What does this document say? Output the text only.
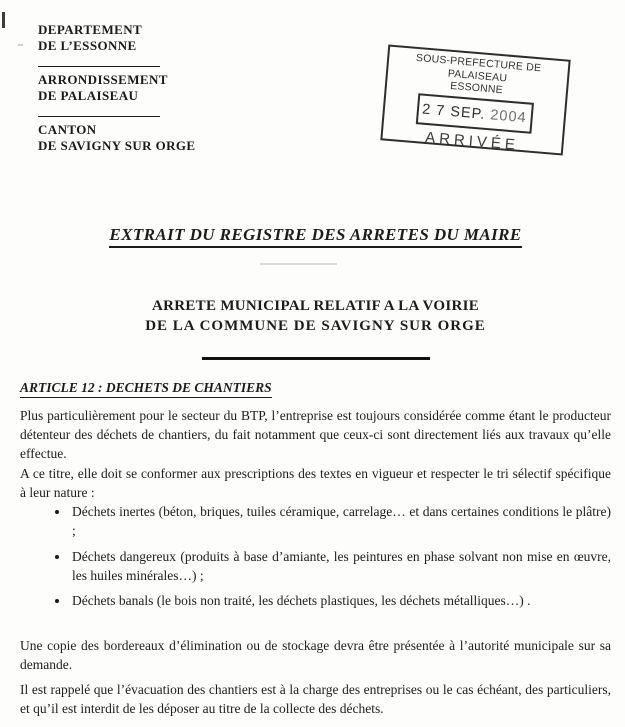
DEPARTEMENT
DE L’ESSONNE
ARRONDISSEMENT
DE PALAISEAU
CANTON
DE SAVIGNY SUR ORGE
SOUS-PREFECTURE DE PALAISEAU
ESSONNE
2 7 SEP. 2004
ARRIVÉE
EXTRAIT DU REGISTRE DES ARRETES DU MAIRE
ARRETE MUNICIPAL RELATIF A LA VOIRIE
DE LA COMMUNE DE SAVIGNY SUR ORGE
ARTICLE 12 : DECHETS DE CHANTIERS

Plus particulièrement pour le secteur du BTP, l’entreprise est toujours considérée comme étant le producteur détenteur des déchets de chantiers, du fait notamment que ceux-ci sont directement liés aux travaux qu’elle effectue.

A ce titre, elle doit se conformer aux prescriptions des textes en vigueur et respecter le tri sélectif spécifique à leur nature :

• Déchets inertes (béton, briques, tuiles céramique, carrelage… et dans certaines conditions le plâtre) ;
• Déchets dangereux (produits à base d’amiante, les peintures en phase solvant non mise en œuvre, les huiles minérales…) ;
• Déchets banals (le bois non traité, les déchets plastiques, les déchets métalliques…) .

Une copie des bordereaux d’élimination ou de stockage devra être présentée à l’autorité municipale sur sa demande.

Il est rappelé que l’évacuation des chantiers est à la charge des entreprises ou le cas échéant, des particuliers, et qu’il est interdit de les déposer au titre de la collecte des déchets.
